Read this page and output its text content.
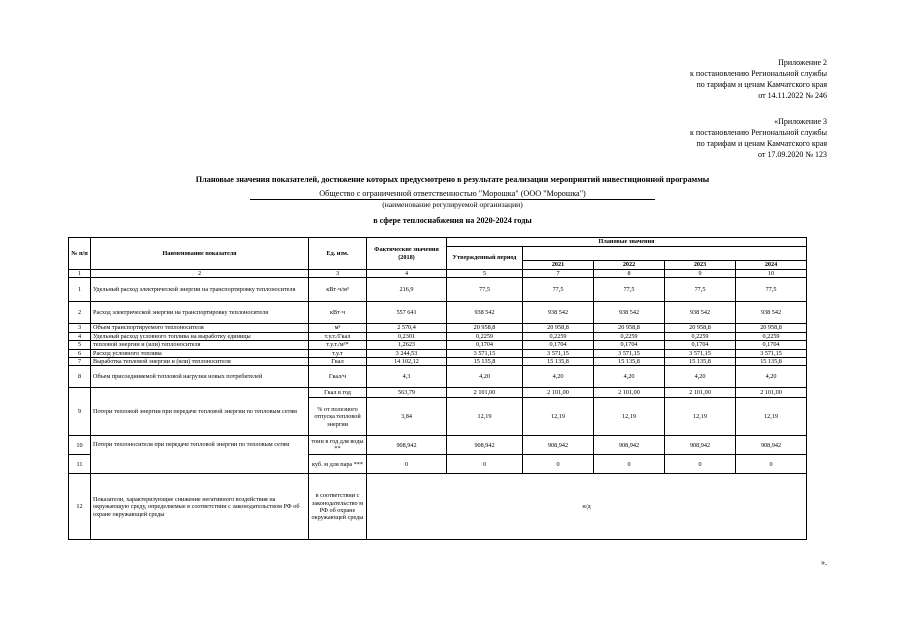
Приложение 2
к постановлению Региональной службы
по тарифам и ценам Камчатского края
от 14.11.2022 № 246
«Приложение 3
к постановлению Региональной службы
по тарифам и ценам Камчатского края
от 17.09.2020 № 123
Плановые значения показателей, достижение которых предусмотрено в результате реализации мероприятий инвестиционной программы
Общество с ограниченной ответственностью "Морошка" (ООО "Морошка")
(наименование регулируемой организации)
в сфере теплоснабжения на 2020-2024 годы
№ п/п	Наименование показателя	Ед. изм.	Фактические значения (2018)	Плановые значения				
				Утвержденный период				
					2021	2022	2023	2024
1	2	3	4	5	7	8	9	10
1	Удельный расход электрической энергии на транспортировку теплоносителя	кВт·ч/м³	216,9	77,5	77,5	77,5	77,5	77,5
2	Расход электрической энергии на транспортировку теплоносителя	кВт·ч	557 641	938 542	938 542	938 542	938 542	938 542
3	Объем транспортируемого теплоносителя	м³	2 570,4	20 958,8	20 958,8	20 958,8	20 958,8	20 958,8
4	Удельный расход условного топлива на выработку единицы	т.у.т./Гкал	0,2301	0,2259	0,2259	0,2259	0,2259	0,2259
5	тепловой энергии и (или) теплоносителя	т.у.т./м³*	1,2623	0,1704	0,1704	0,1704	0,1704	0,1704
6	Расход условного топлива	т.у.т	3 244,53	3 571,15	3 571,15	3 571,15	3 571,15	3 571,15
7	Выработка тепловой энергии и (или) теплоносителя	Гкал	14 102,12	15 135,8	15 135,8	15 135,8	15 135,8	15 135,8
8	Объем присоединяемой тепловой нагрузки новых потребителей	Гкал/ч	4,3	4,20	4,20	4,20	4,20	4,20
9	Потери тепловой энергии при передаче тепловой энергии по тепловым сетям	Гкал в год	563,79	2 101,00	2 101,00	2 101,00	2 101,00	2 101,00
		% от полезного отпуска тепловой энергии	3,84	12,19	12,19	12,19	12,19	12,19
10	Потери теплоносителя при передаче тепловой энергии по тепловым сетям	тонн в год для воды **	908,942	908,942	908,942	908,942	908,942	908,942
11		куб. м для пара ***	0	0	0	0	0	0
12	Показатели, характеризующие снижение негативного воздействия на окружающую среду, определяемые в соответствии с законодательством РФ об охране окружающей среды	в соответствии с законодательство м РФ об охране окружающей среды	н/д					
».
